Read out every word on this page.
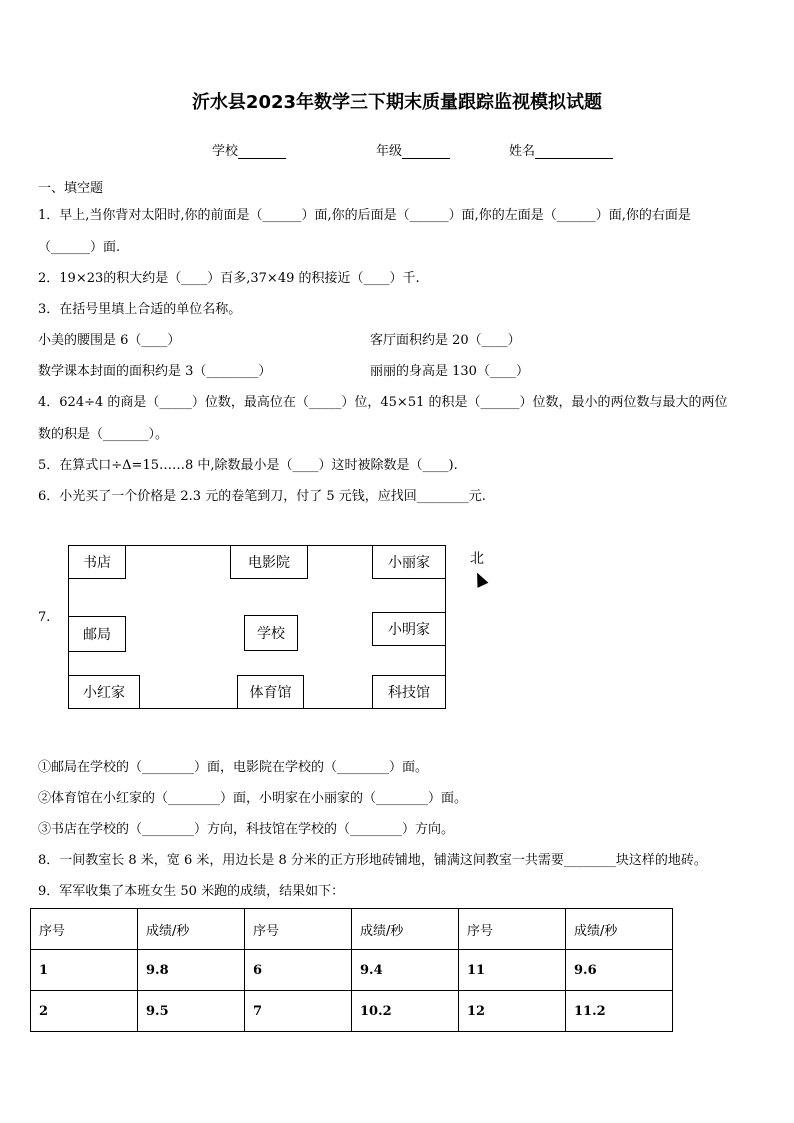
沂水县2023年数学三下期末质量跟踪监视模拟试题
学校	年级	姓名
一、填空题
1．早上,当你背对太阳时,你的前面是（______）面,你的后面是（______）面,你的左面是（______）面,你的右面是
（______）面.
2．19×23的积大约是（____）百多,37×49 的积接近（____）千.
3．在括号里填上合适的单位名称。
小美的腰围是 6（____）	客厅面积约是 20（____）
数学课本封面的面积约是 3（________）	丽丽的身高是 130（____）
4．624÷4 的商是（_____）位数，最高位在（_____）位，45×51 的积是（______）位数，最小的两位数与最大的两位
数的积是（_______）。
5．在算式口÷Δ=15……8 中,除数最小是（____）这时被除数是（____).
6．小光买了一个价格是 2.3 元的卷笔到刀，付了 5 元钱，应找回________元.
7.
书店	电影院	小丽家
邮局	学校	小明家
小红家	体育馆	科技馆
北
①邮局在学校的（________）面，电影院在学校的（________）面。
②体育馆在小红家的（________）面，小明家在小丽家的（________）面。
③书店在学校的（________）方向，科技馆在学校的（________）方向。
8．一间教室长 8 米，宽 6 米，用边长是 8 分米的正方形地砖铺地，铺满这间教室一共需要________块这样的地砖。
9．军军收集了本班女生 50 米跑的成绩，结果如下：
序号	成绩/秒	序号	成绩/秒	序号	成绩/秒
1	9.8	6	9.4	11	9.6
2	9.5	7	10.2	12	11.2
